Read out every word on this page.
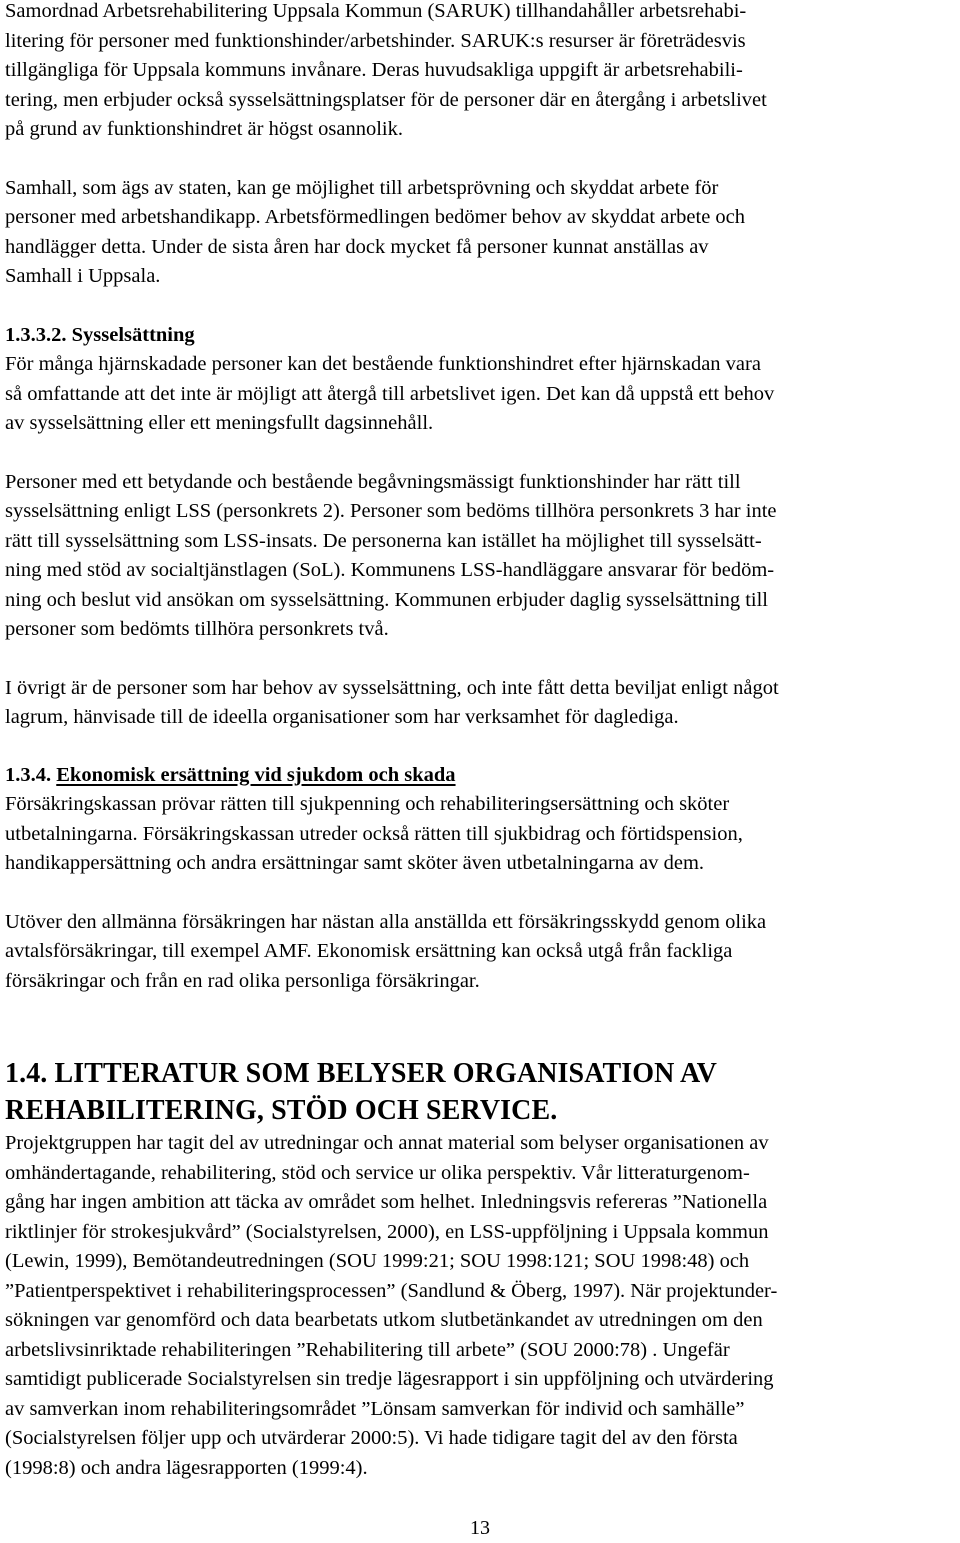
Samordnad Arbetsrehabilitering Uppsala Kommun (SARUK) tillhandahåller arbetsrehabi-
litering för personer med funktionshinder/arbetshinder. SARUK:s resurser är företrädesvis
tillgängliga för Uppsala kommuns invånare. Deras huvudsakliga uppgift är arbetsrehabili-
tering, men erbjuder också sysselsättningsplatser för de personer där en återgång i arbetslivet
på grund av funktionshindret är högst osannolik.
Samhall, som ägs av staten, kan ge möjlighet till arbetsprövning och skyddat arbete för
personer med arbetshandikapp. Arbetsförmedlingen bedömer behov av skyddat arbete och
handlägger detta. Under de sista åren har dock mycket få personer kunnat anställas av
Samhall i Uppsala.
1.3.3.2. Sysselsättning
För många hjärnskadade personer kan det bestående funktionshindret efter hjärnskadan vara
så omfattande att det inte är möjligt att återgå till arbetslivet igen. Det kan då uppstå ett behov
av sysselsättning eller ett meningsfullt dagsinnehåll.
Personer med ett betydande och bestående begåvningsmässigt funktionshinder har rätt till
sysselsättning enligt LSS (personkrets 2). Personer som bedöms tillhöra personkrets 3 har inte
rätt till sysselsättning som LSS-insats. De personerna kan istället ha möjlighet till sysselsätt-
ning med stöd av socialtjänstlagen (SoL). Kommunens LSS-handläggare ansvarar för bedöm-
ning och beslut vid ansökan om sysselsättning. Kommunen erbjuder daglig sysselsättning till
personer som bedömts tillhöra personkrets två.
I övrigt är de personer som har behov av sysselsättning, och inte fått detta beviljat enligt något
lagrum, hänvisade till de ideella organisationer som har verksamhet för daglediga.
1.3.4. Ekonomisk ersättning vid sjukdom och skada
Försäkringskassan prövar rätten till sjukpenning och rehabiliteringsersättning och sköter
utbetalningarna. Försäkringskassan utreder också rätten till sjukbidrag och förtidspension,
handikappersättning och andra ersättningar samt sköter även utbetalningarna av dem.
Utöver den allmänna försäkringen har nästan alla anställda ett försäkringsskydd genom olika
avtalsförsäkringar, till exempel AMF. Ekonomisk ersättning kan också utgå från fackliga
försäkringar och från en rad olika personliga försäkringar.
1.4. LITTERATUR SOM BELYSER ORGANISATION AV
REHABILITERING, STÖD OCH SERVICE.
Projektgruppen har tagit del av utredningar och annat material som belyser organisationen av
omhändertagande, rehabilitering, stöd och service ur olika perspektiv. Vår litteraturgenom-
gång har ingen ambition att täcka av området som helhet. Inledningsvis refereras ”Nationella
riktlinjer för strokesjukvård” (Socialstyrelsen, 2000), en LSS-uppföljning i Uppsala kommun
(Lewin, 1999), Bemötandeutredningen (SOU 1999:21; SOU 1998:121; SOU 1998:48) och
”Patientperspektivet i rehabiliteringsprocessen” (Sandlund & Öberg, 1997). När projektunder-
sökningen var genomförd och data bearbetats utkom slutbetänkandet av utredningen om den
arbetslivsinriktade rehabiliteringen ”Rehabilitering till arbete” (SOU 2000:78) . Ungefär
samtidigt publicerade Socialstyrelsen sin tredje lägesrapport i sin uppföljning och utvärdering
av samverkan inom rehabiliteringsområdet ”Lönsam samverkan för individ och samhälle”
(Socialstyrelsen följer upp och utvärderar 2000:5). Vi hade tidigare tagit del av den första
(1998:8) och andra lägesrapporten (1999:4).
13
